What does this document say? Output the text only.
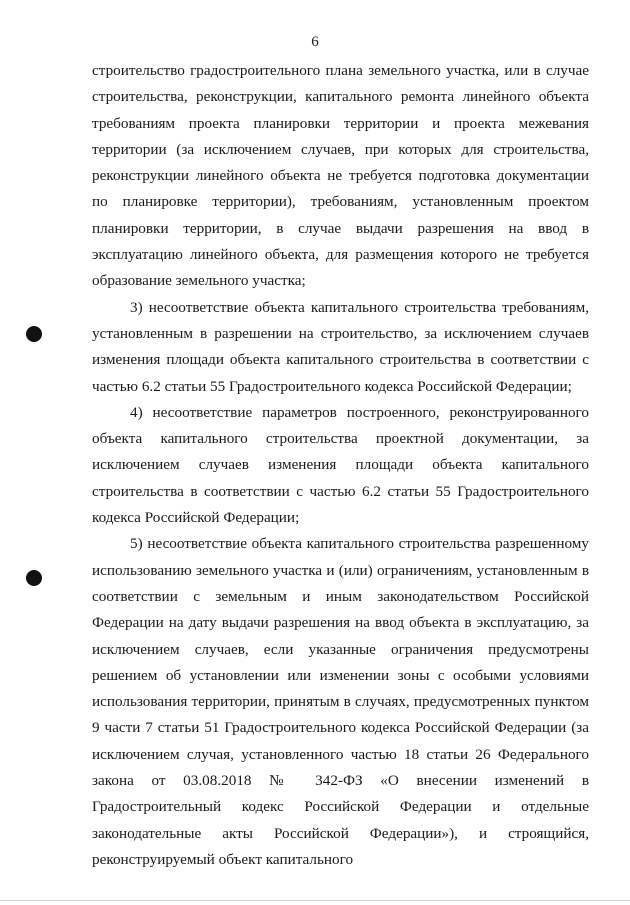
6

строительство градостроительного плана земельного участка, или в случае строительства, реконструкции, капитального ремонта линейного объекта требованиям проекта планировки территории и проекта межевания территории (за исключением случаев, при которых для строительства, реконструкции линейного объекта не требуется подготовка документации по планировке территории), требованиям, установленным проектом планировки территории, в случае выдачи разрешения на ввод в эксплуатацию линейного объекта, для размещения которого не требуется образование земельного участка;

3) несоответствие объекта капитального строительства требованиям, установленным в разрешении на строительство, за исключением случаев изменения площади объекта капитального строительства в соответствии с частью 6.2 статьи 55 Градостроительного кодекса Российской Федерации;

4) несоответствие параметров построенного, реконструированного объекта капитального строительства проектной документации, за исключением случаев изменения площади объекта капитального строительства в соответствии с частью 6.2 статьи 55 Градостроительного кодекса Российской Федерации;

5) несоответствие объекта капитального строительства разрешенному использованию земельного участка и (или) ограничениям, установленным в соответствии с земельным и иным законодательством Российской Федерации на дату выдачи разрешения на ввод объекта в эксплуатацию, за исключением случаев, если указанные ограничения предусмотрены решением об установлении или изменении зоны с особыми условиями использования территории, принятым в случаях, предусмотренных пунктом 9 части 7 статьи 51 Градостроительного кодекса Российской Федерации (за исключением случая, установленного частью 18 статьи 26 Федерального закона от 03.08.2018 № 342-ФЗ «О внесении изменений в Градостроительный кодекс Российской Федерации и отдельные законодательные акты Российской Федерации»), и строящийся, реконструируемый объект капитального
